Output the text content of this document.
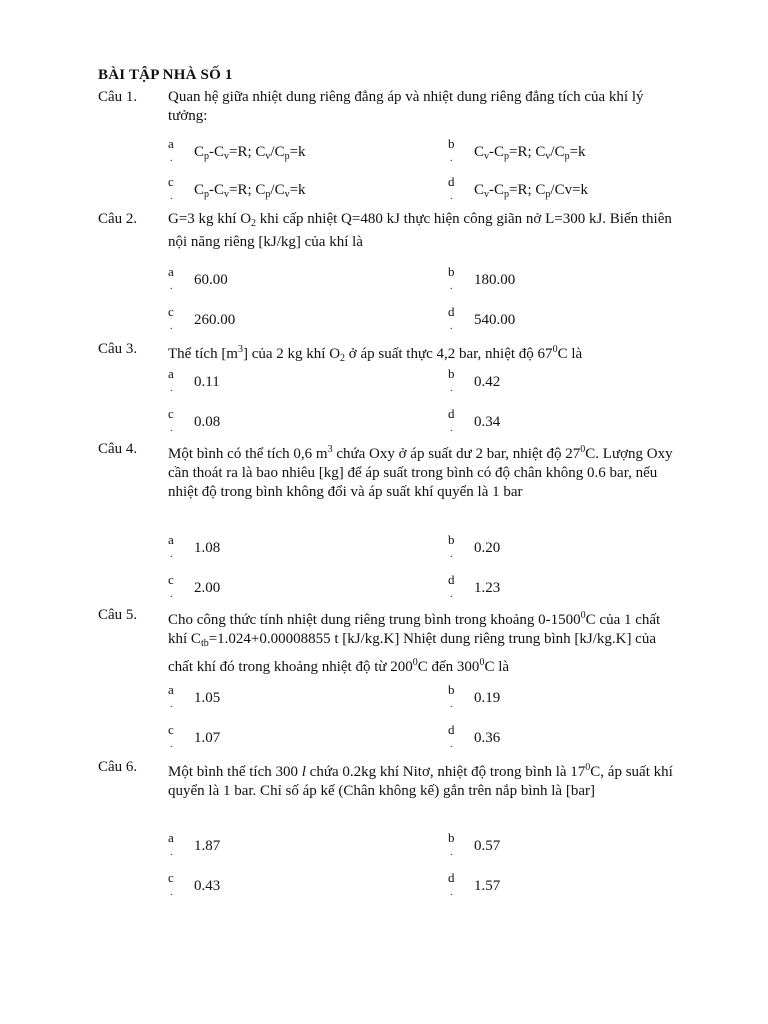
BÀI TẬP NHÀ SỐ 1
Câu 1. Quan hệ giữa nhiệt dung riêng đẳng áp và nhiệt dung riêng đẳng tích của khí lý tưởng:
a
. $C_p-C_v=R$; $C_v/C_p=k$
b
. $C_v-C_p=R$; $C_v/C_p=k$
c
. $C_p-C_v=R$; $C_p/C_v=k$
d
. $C_v-C_p=R$; $C_p/Cv=k$
Câu 2. G=3 kg khí $O_2$ khi cấp nhiệt Q=480 kJ thực hiện công giãn nở L=300 kJ. Biến thiên nội năng riêng [kJ/kg] của khí là
a
. 60.00
b
. 180.00
c
. 260.00
d
. 540.00
Câu 3. Thể tích $[m^3]$ của 2 kg khí $O_2$ ở áp suất thực 4,2 bar, nhiệt độ $67^0C$ là
a
. 0.11
b
. 0.42
c
. 0.08
d
. 0.34
Câu 4. Một bình có thể tích 0,6 $m^3$ chứa Oxy ở áp suất dư 2 bar, nhiệt độ $27^0C$. Lượng Oxy cần thoát ra là bao nhiêu [kg] để áp suất trong bình có độ chân không 0.6 bar, nếu nhiệt độ trong bình không đổi và áp suất khí quyển là 1 bar
a
. 1.08
b
. 0.20
c
. 2.00
d
. 1.23
Câu 5. Cho công thức tính nhiệt dung riêng trung bình trong khoảng 0-1500$^0$C của 1 chất khí $C_{tb}=1.024+0.00008855$ t [kJ/kg.K] Nhiệt dung riêng trung bình [kJ/kg.K] của chất khí đó trong khoảng nhiệt độ từ $200^0C$ đến $300^0C$ là
a
. 1.05
b
. 0.19
c
. 1.07
d
. 0.36
Câu 6. Một bình thể tích 300 l chứa 0.2kg khí Nitơ, nhiệt độ trong bình là $17^0C$, áp suất khí quyển là 1 bar. Chỉ số áp kế (Chân không kế) gắn trên nắp bình là [bar]
a
. 1.87
b
. 0.57
c
. 0.43
d
. 1.57
